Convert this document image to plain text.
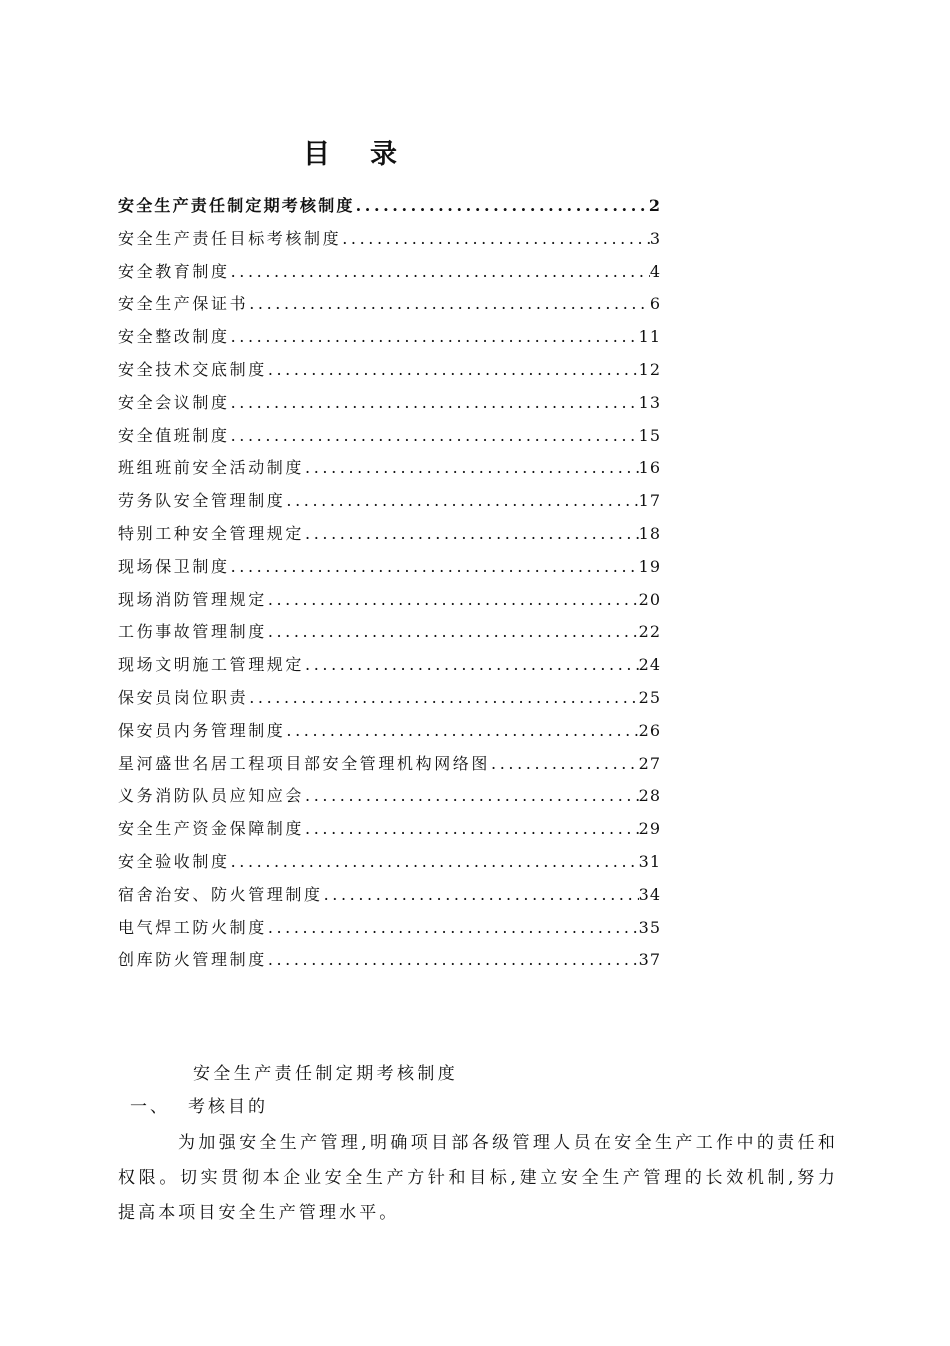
目录
安全生产责任制定期考核制度 .....	2
安全生产责任目标考核制度 .....	3
安全教育制度 .....	4
安全生产保证书 .....	6
安全整改制度 .....	11
安全技术交底制度 .....	12
安全会议制度 .....	13
安全值班制度 .....	15
班组班前安全活动制度 .....	16
劳务队安全管理制度 .....	17
特别工种安全管理规定 .....	18
现场保卫制度 .....	19
现场消防管理规定 .....	20
工伤事故管理制度 .....	22
现场文明施工管理规定 .....	24
保安员岗位职责 .....	25
保安员内务管理制度 .....	26
星河盛世名居工程项目部安全管理机构网络图 .....	27
义务消防队员应知应会 .....	28
安全生产资金保障制度 .....	29
安全验收制度 .....	31
宿舍治安、防火管理制度 .....	34
电气焊工防火制度 .....	35
创库防火管理制度 .....	37
安全生产责任制定期考核制度
一、 考核目的

为加强安全生产管理,明确项目部各级管理人员在安全生产工作中的责任和权限。切实贯彻本企业安全生产方针和目标,建立安全生产管理的长效机制,努力提高本项目安全生产管理水平。
